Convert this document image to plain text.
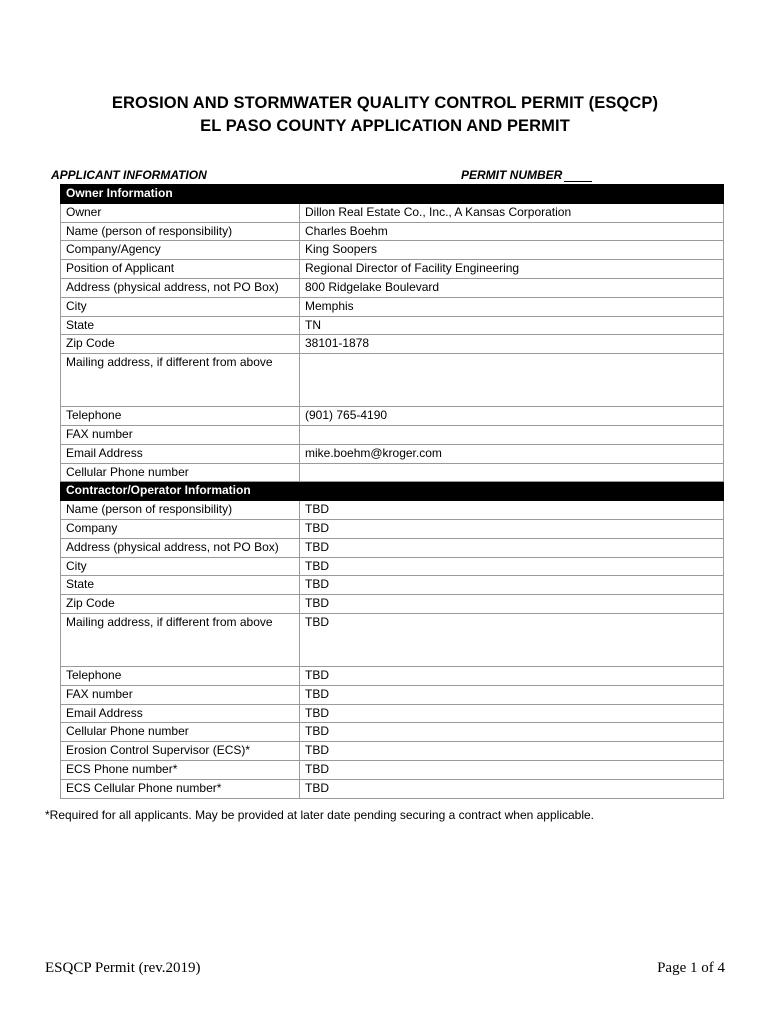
EROSION AND STORMWATER QUALITY CONTROL PERMIT (ESQCP)
EL PASO COUNTY APPLICATION AND PERMIT
APPLICANT INFORMATION	PERMIT NUMBER
Owner Information	
Owner	Dillon Real Estate Co., Inc., A Kansas Corporation
Name (person of responsibility)	Charles Boehm
Company/Agency	King Soopers
Position of Applicant	Regional Director of Facility Engineering
Address (physical address, not PO Box)	800 Ridgelake Boulevard
City	Memphis
State	TN
Zip Code	38101-1878
Mailing address, if different from above	
Telephone	(901) 765-4190
FAX number	
Email Address	mike.boehm@kroger.com
Cellular Phone number	
Contractor/Operator Information	
Name (person of responsibility)	TBD
Company	TBD
Address (physical address, not PO Box)	TBD
City	TBD
State	TBD
Zip Code	TBD
Mailing address, if different from above	TBD
Telephone	TBD
FAX number	TBD
Email Address	TBD
Cellular Phone number	TBD
Erosion Control Supervisor (ECS)*	TBD
ECS Phone number*	TBD
ECS Cellular Phone number*	TBD
*Required for all applicants. May be provided at later date pending securing a contract when applicable.
ESQCP Permit (rev.2019)	Page 1 of 4
